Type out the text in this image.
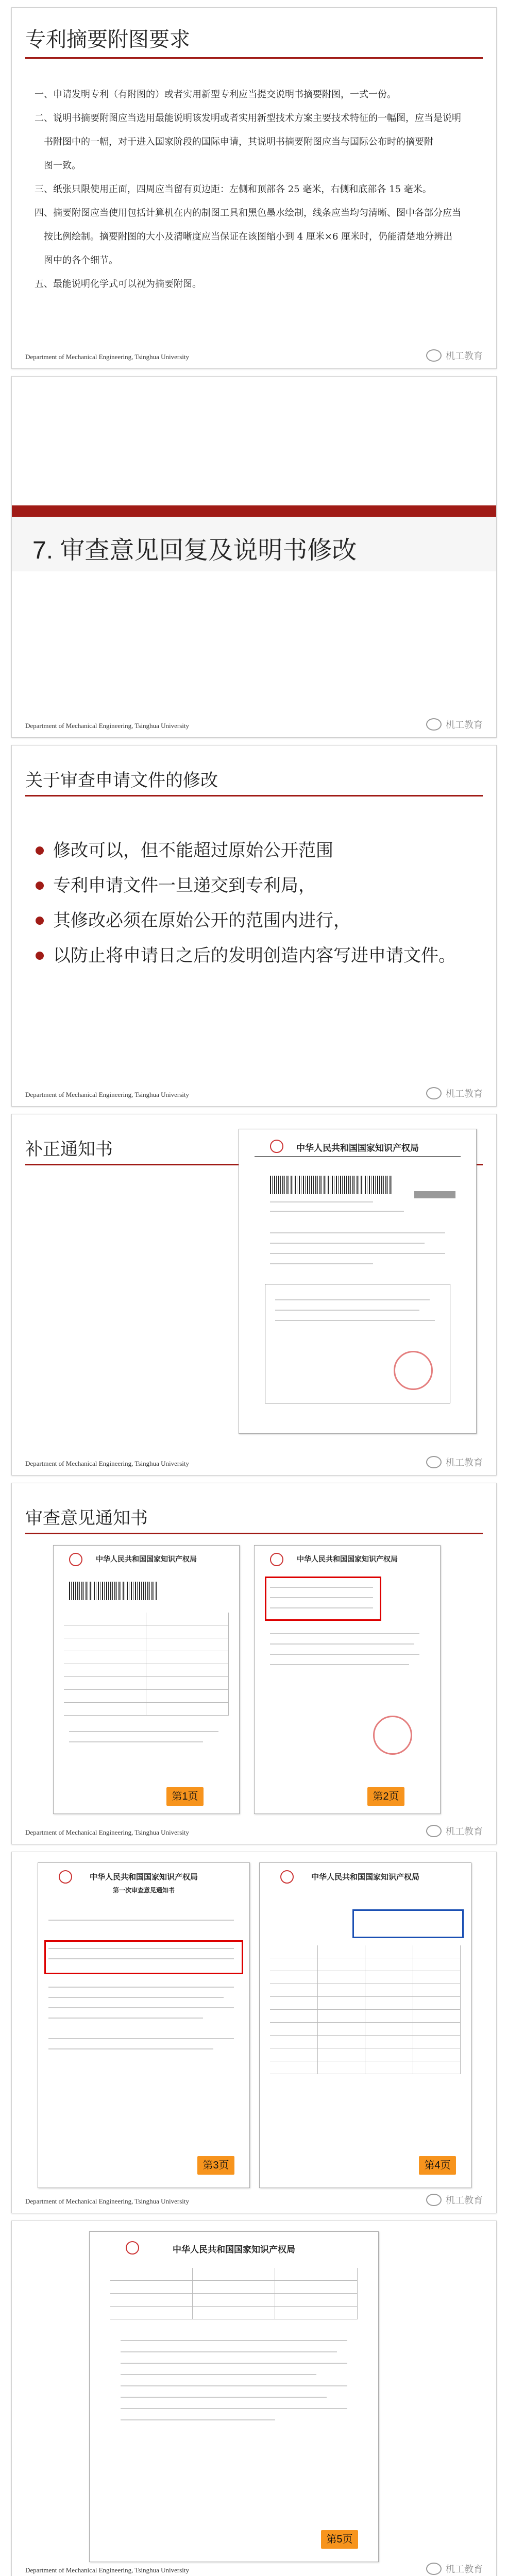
专利摘要附图要求

一、申请发明专利（有附图的）或者实用新型专利应当提交说明书摘要附图，一式一份。

二、说明书摘要附图应当选用最能说明该发明或者实用新型技术方案主要技术特征的一幅图，应当是说明

书附图中的一幅，对于进入国家阶段的国际申请，其说明书摘要附图应当与国际公布时的摘要附

图一致。

三、纸张只限使用正面，四周应当留有页边距：左侧和顶部各 25 毫米，右侧和底部各 15 毫米。

四、摘要附图应当使用包括计算机在内的制图工具和黑色墨水绘制，线条应当均匀清晰、图中各部分应当

按比例绘制。摘要附图的大小及清晰度应当保证在该图缩小到 4 厘米×6 厘米时，仍能清楚地分辨出

图中的各个细节。

五、最能说明化学式可以视为摘要附图。

Department of Mechanical Engineering, Tsinghua University	机工教育
7. 审查意见回复及说明书修改
Department of Mechanical Engineering, Tsinghua University	机工教育
关于审查申请文件的修改
修改可以，但不能超过原始公开范围
专利申请文件一旦递交到专利局，
其修改必须在原始公开的范围内进行，
以防止将申请日之后的发明创造内容写进申请文件。
Department of Mechanical Engineering, Tsinghua University	机工教育
补正通知书	中华人民共和国国家知识产权局
Department of Mechanical Engineering, Tsinghua University	机工教育
审查意见通知书
中华人民共和国国家知识产权局
第1页
中华人民共和国国家知识产权局
第2页
Department of Mechanical Engineering, Tsinghua University	机工教育
中华人民共和国国家知识产权局
第一次审查意见通知书
第3页
中华人民共和国国家知识产权局
第4页
Department of Mechanical Engineering, Tsinghua University	机工教育
中华人民共和国国家知识产权局
第5页
Department of Mechanical Engineering, Tsinghua University	机工教育
